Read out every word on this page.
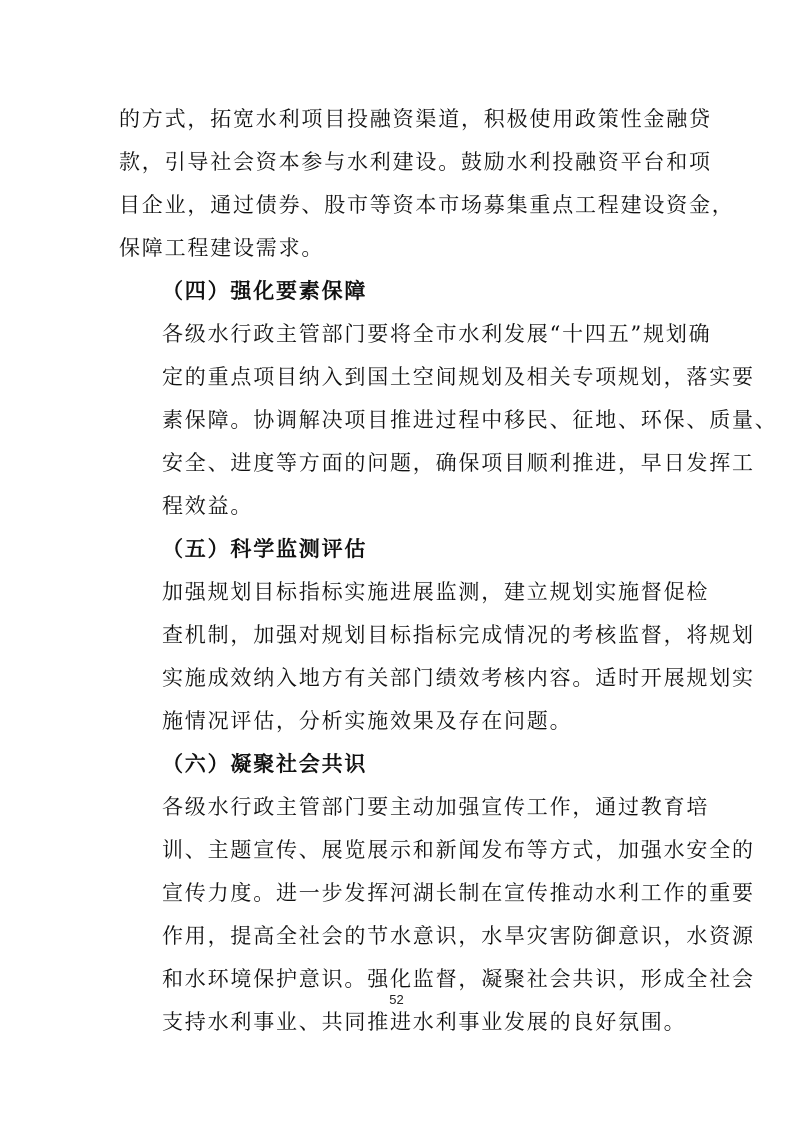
的方式，拓宽水利项目投融资渠道，积极使用政策性金融贷
款，引导社会资本参与水利建设。鼓励水利投融资平台和项
目企业，通过债券、股市等资本市场募集重点工程建设资金，
保障工程建设需求。

（四）强化要素保障

各级水行政主管部门要将全市水利发展“十四五”规划确
定的重点项目纳入到国土空间规划及相关专项规划，落实要
素保障。协调解决项目推进过程中移民、征地、环保、质量、
安全、进度等方面的问题，确保项目顺利推进，早日发挥工
程效益。

（五）科学监测评估

加强规划目标指标实施进展监测，建立规划实施督促检
查机制，加强对规划目标指标完成情况的考核监督，将规划
实施成效纳入地方有关部门绩效考核内容。适时开展规划实
施情况评估，分析实施效果及存在问题。

（六）凝聚社会共识

各级水行政主管部门要主动加强宣传工作，通过教育培
训、主题宣传、展览展示和新闻发布等方式，加强水安全的
宣传力度。进一步发挥河湖长制在宣传推动水利工作的重要
作用，提高全社会的节水意识，水旱灾害防御意识，水资源
和水环境保护意识。强化监督，凝聚社会共识，形成全社会
支持水利事业、共同推进水利事业发展的良好氛围。

52
